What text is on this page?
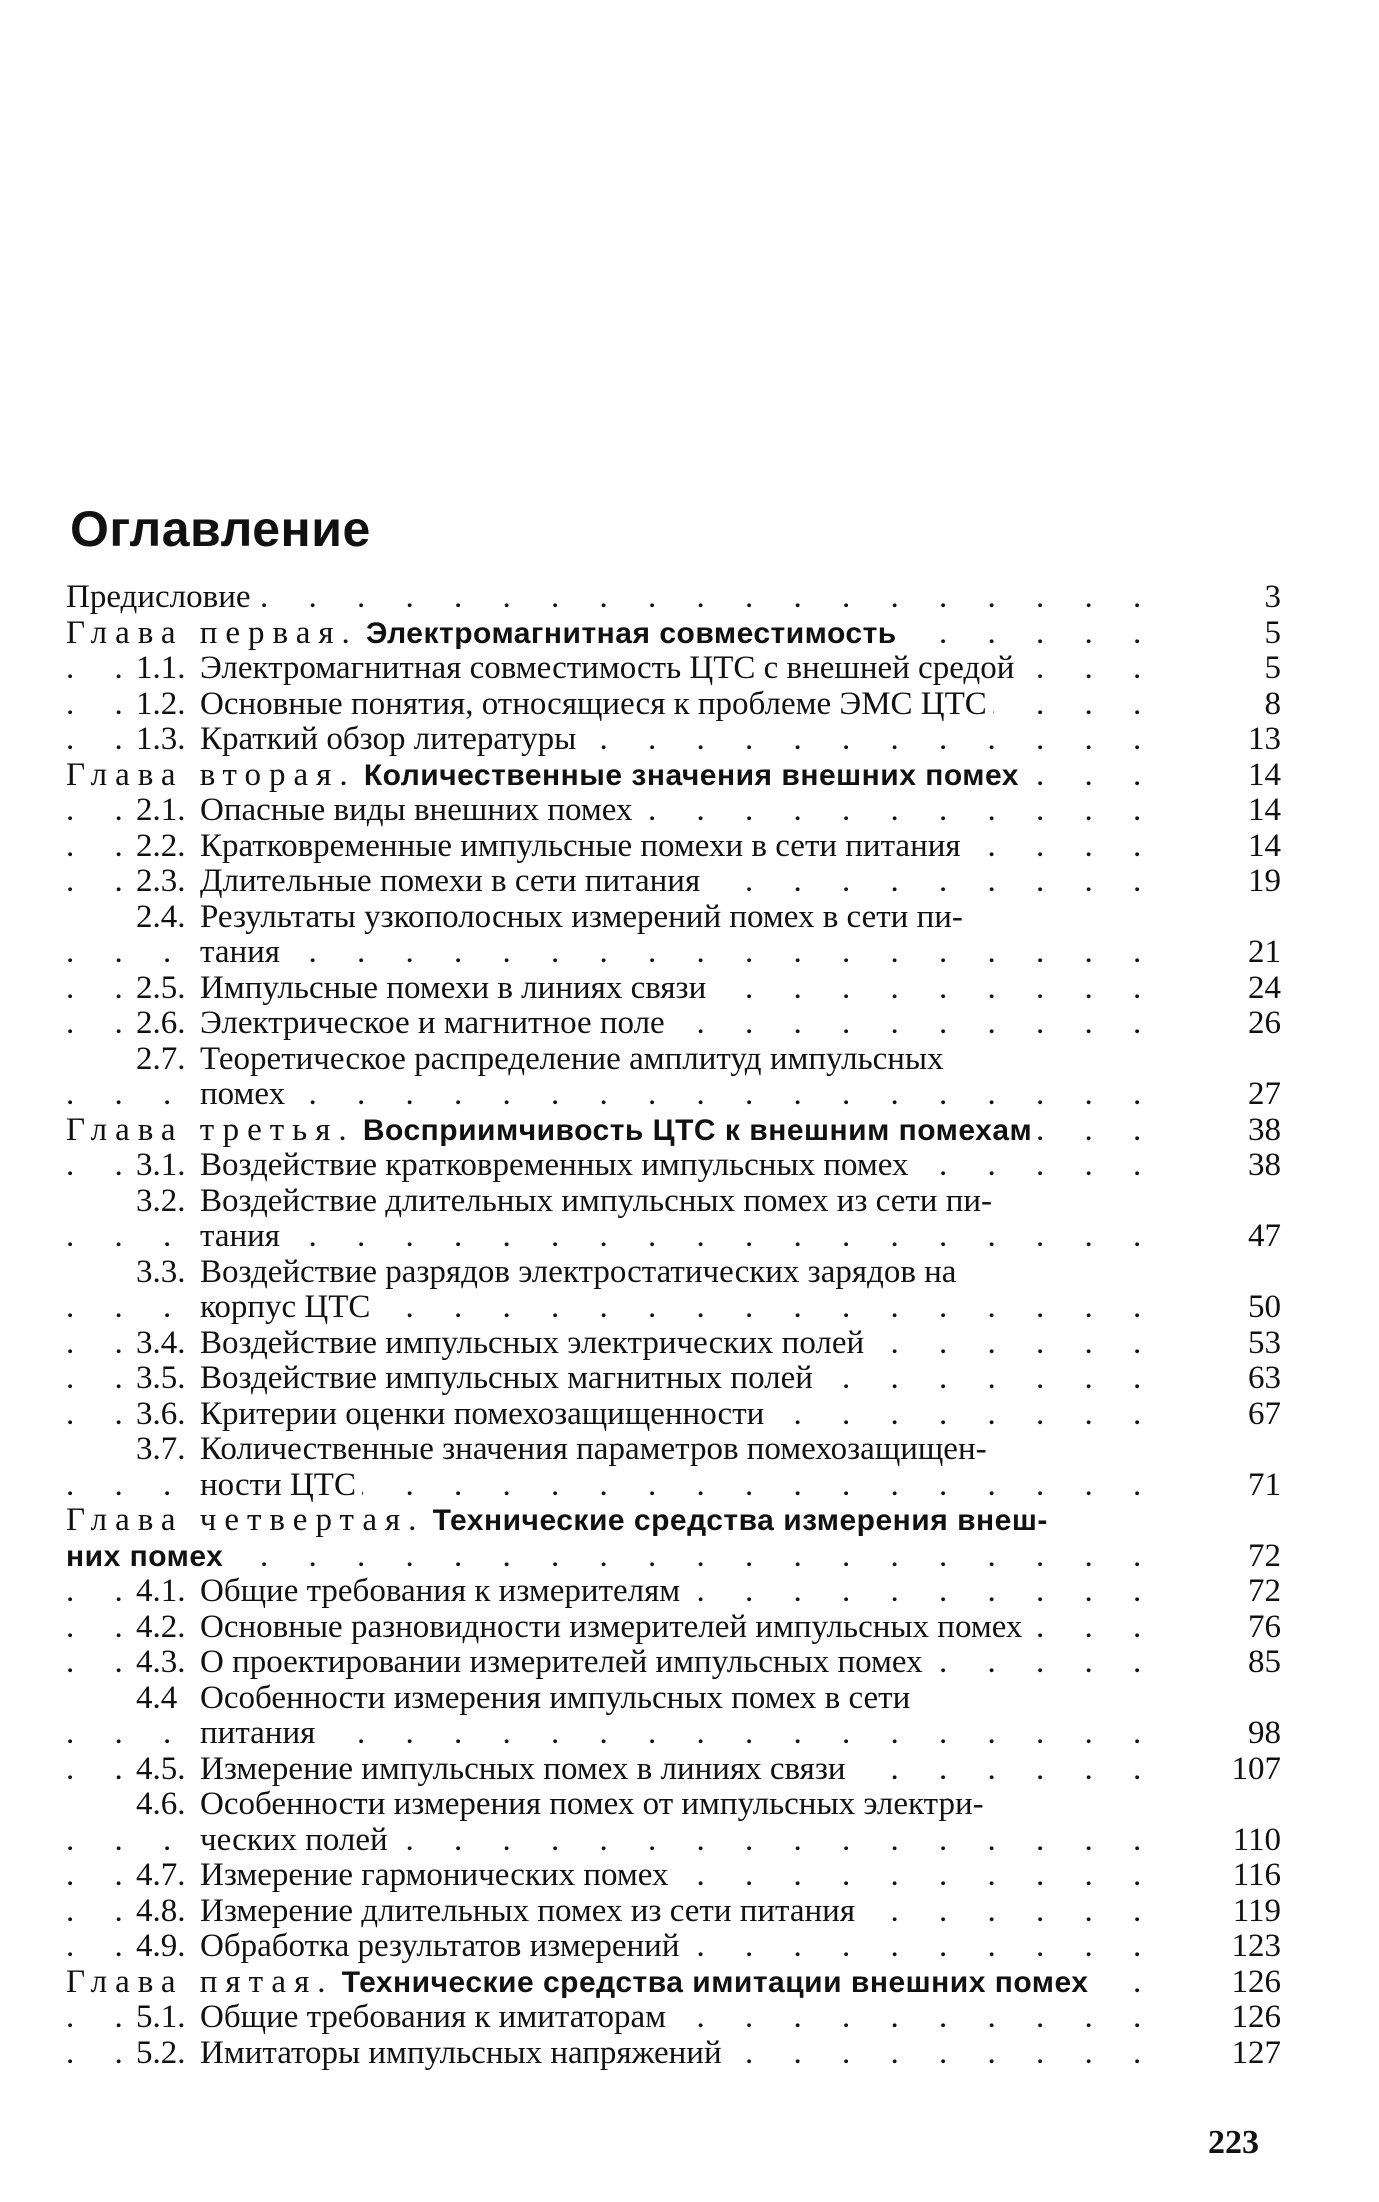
Оглавление
Предисловие . . .	3
Глава первая. Электромагнитная совместимость . . .	5
1.1. Электромагнитная совместимость ЦТС с внешней средой . . .	5
1.2. Основные понятия, относящиеся к проблеме ЭМС ЦТС . . .	8
1.3. Краткий обзор литературы . . .	13
Глава вторая. Количественные значения внешних помех . . .	14
2.1. Опасные виды внешних помех . . .	14
2.2. Кратковременные импульсные помехи в сети питания . . .	14
2.3. Длительные помехи в сети питания . . .	19
2.4. Результаты узкополосных измерений помех в сети пи-
тания . . .	21
2.5. Импульсные помехи в линиях связи . . .	24
2.6. Электрическое и магнитное поле . . .	26
2.7. Теоретическое распределение амплитуд импульсных
помех . . .	27
Глава третья. Восприимчивость ЦТС к внешним помехам . . .	38
3.1. Воздействие кратковременных импульсных помех . . .	38
3.2. Воздействие длительных импульсных помех из сети пи-
тания . . .	47
3.3. Воздействие разрядов электростатических зарядов на
корпус ЦТС . . .	50
3.4. Воздействие импульсных электрических полей . . .	53
3.5. Воздействие импульсных магнитных полей . . .	63
3.6. Критерии оценки помехозащищенности . . .	67
3.7. Количественные значения параметров помехозащищен-
ности ЦТС . . .	71
Глава четвертая. Технические средства измерения внеш-
них помех . . .	72
4.1. Общие требования к измерителям . . .	72
4.2. Основные разновидности измерителей импульсных помех . . .	76
4.3. О проектировании измерителей импульсных помех . . .	85
4.4 Особенности измерения импульсных помех в сети
питания . . .	98
4.5. Измерение импульсных помех в линиях связи . . .	107
4.6. Особенности измерения помех от импульсных электри-
ческих полей . . .	110
4.7. Измерение гармонических помех . . .	116
4.8. Измерение длительных помех из сети питания . . .	119
4.9. Обработка результатов измерений . . .	123
Глава пятая. Технические средства имитации внешних помех . . .	126
5.1. Общие требования к имитаторам . . .	126
5.2. Имитаторы импульсных напряжений . . .	127
223
